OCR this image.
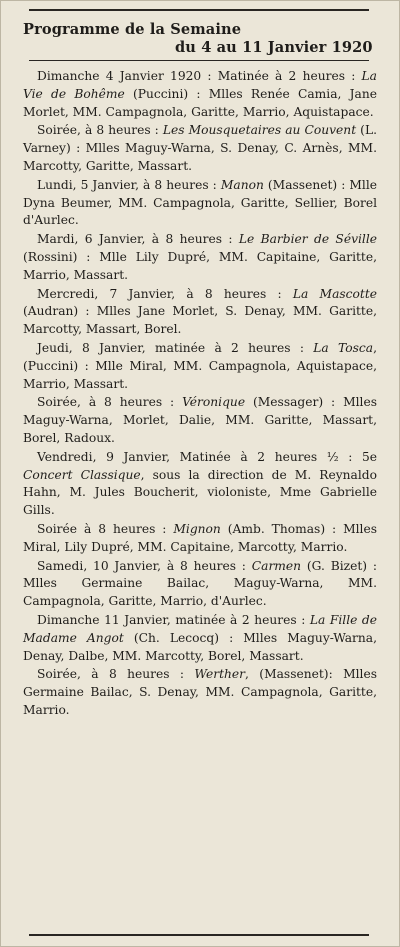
Programme de la Semaine
du 4 au 11 Janvier 1920

Dimanche 4 Janvier 1920 : Matinée à 2 heures : La Vie de Bohême (Puccini) : Mlles Renée Camia, Jane Morlet, MM. Campagnola, Garitte, Marrio, Aquistapace.

Soirée, à 8 heures : Les Mousquetaires au Couvent (L. Varney) : Mlles Maguy-Warna, S. Denay, C. Arnès, MM. Marcotty, Garitte, Massart.

Lundi, 5 Janvier, à 8 heures : Manon (Massenet) : Mlle Dyna Beumer, MM. Campagnola, Garitte, Sellier, Borel d'Aurlec.

Mardi, 6 Janvier, à 8 heures : Le Barbier de Séville (Rossini) : Mlle Lily Dupré, MM. Capitaine, Garitte, Marrio, Massart.

Mercredi, 7 Janvier, à 8 heures : La Mascotte (Audran) : Mlles Jane Morlet, S. Denay, MM. Garitte, Marcotty, Massart, Borel.

Jeudi, 8 Janvier, matinée à 2 heures : La Tosca, (Puccini) : Mlle Miral, MM. Campagnola, Aquistapace, Marrio, Massart.

Soirée, à 8 heures : Véronique (Messager) : Mlles Maguy-Warna, Morlet, Dalie, MM. Garitte, Massart, Borel, Radoux.

Vendredi, 9 Janvier, Matinée à 2 heures ½ : 5e Concert Classique, sous la direction de M. Reynaldo Hahn, M. Jules Boucherit, violoniste, Mme Gabrielle Gills.

Soirée à 8 heures : Mignon (Amb. Thomas) : Mlles Miral, Lily Dupré, MM. Capitaine, Marcotty, Marrio.

Samedi, 10 Janvier, à 8 heures : Carmen (G. Bizet) : Mlles Germaine Bailac, Maguy-Warna, MM. Campagnola, Garitte, Marrio, d'Aurlec.

Dimanche 11 Janvier, matinée à 2 heures : La Fille de Madame Angot (Ch. Lecocq) : Mlles Maguy-Warna, Denay, Dalbe, MM. Marcotty, Borel, Massart.

Soirée, à 8 heures : Werther, (Massenet): Mlles Germaine Bailac, S. Denay, MM. Campagnola, Garitte, Marrio.
